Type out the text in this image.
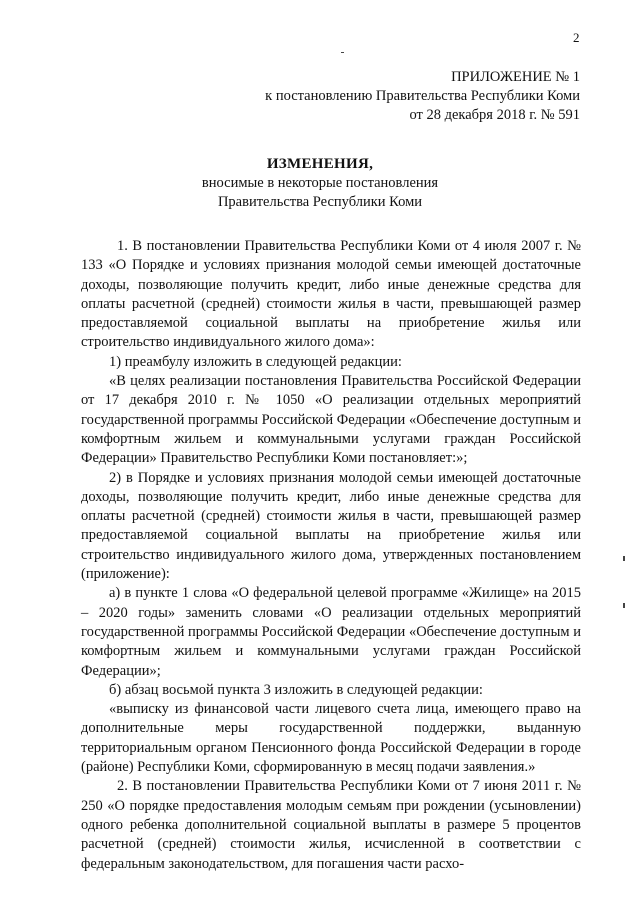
2
ПРИЛОЖЕНИЕ № 1
к постановлению Правительства Республики Коми
от 28 декабря 2018 г. № 591
ИЗМЕНЕНИЯ,
вносимые в некоторые постановления
Правительства Республики Коми

1. В постановлении Правительства Республики Коми от 4 июля 2007 г. № 133 «О Порядке и условиях признания молодой семьи имеющей достаточные доходы, позволяющие получить кредит, либо иные денежные средства для оплаты расчетной (средней) стоимости жилья в части, превышающей размер предоставляемой социальной выплаты на приобретение жилья или строительство индивидуального жилого дома»:

1) преамбулу изложить в следующей редакции:

«В целях реализации постановления Правительства Российской Федерации от 17 декабря 2010 г. № 1050 «О реализации отдельных мероприятий государственной программы Российской Федерации «Обеспечение доступным и комфортным жильем и коммунальными услугами граждан Российской Федерации» Правительство Республики Коми постановляет:»;

2) в Порядке и условиях признания молодой семьи имеющей достаточные доходы, позволяющие получить кредит, либо иные денежные средства для оплаты расчетной (средней) стоимости жилья в части, превышающей размер предоставляемой социальной выплаты на приобретение жилья или строительство индивидуального жилого дома, утвержденных постановлением (приложение):

а) в пункте 1 слова «О федеральной целевой программе «Жилище» на 2015 – 2020 годы» заменить словами «О реализации отдельных мероприятий государственной программы Российской Федерации «Обеспечение доступным и комфортным жильем и коммунальными услугами граждан Российской Федерации»;

б) абзац восьмой пункта 3 изложить в следующей редакции:

«выписку из финансовой части лицевого счета лица, имеющего право на дополнительные меры государственной поддержки, выданную территориальным органом Пенсионного фонда Российской Федерации в городе (районе) Республики Коми, сформированную в месяц подачи заявления.»

2. В постановлении Правительства Республики Коми от 7 июня 2011 г. № 250 «О порядке предоставления молодым семьям при рождении (усыновлении) одного ребенка дополнительной социальной выплаты в размере 5 процентов расчетной (средней) стоимости жилья, исчисленной в соответствии с федеральным законодательством, для погашения части расхо-
